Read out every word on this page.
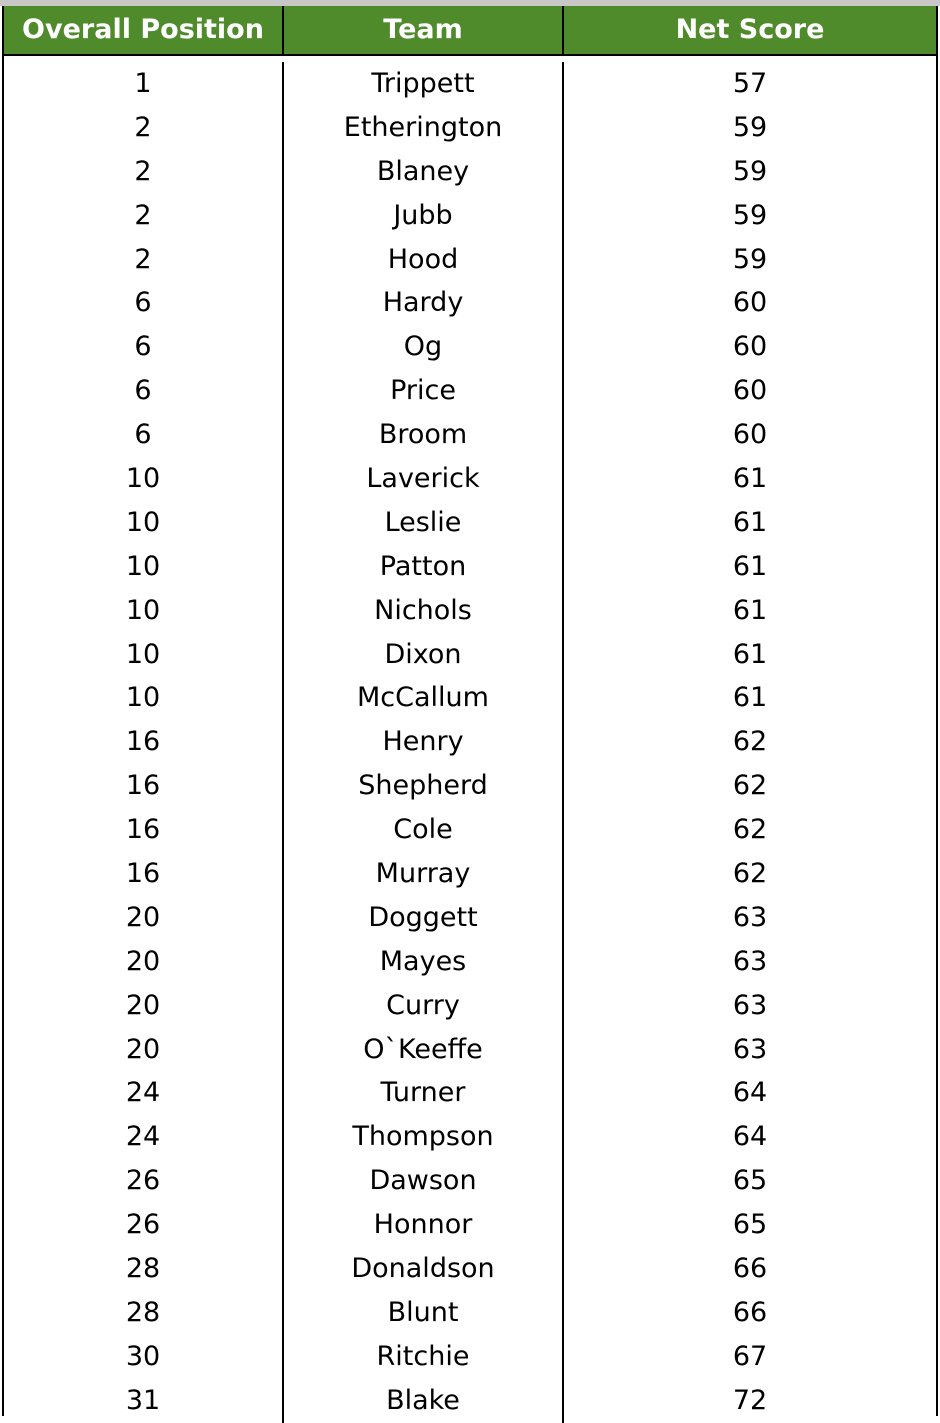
Overall Position	Team	Net Score
1	Trippett	57
2	Etherington	59
2	Blaney	59
2	Jubb	59
2	Hood	59
6	Hardy	60
6	Og	60
6	Price	60
6	Broom	60
10	Laverick	61
10	Leslie	61
10	Patton	61
10	Nichols	61
10	Dixon	61
10	McCallum	61
16	Henry	62
16	Shepherd	62
16	Cole	62
16	Murray	62
20	Doggett	63
20	Mayes	63
20	Curry	63
20	O`Keeffe	63
24	Turner	64
24	Thompson	64
26	Dawson	65
26	Honnor	65
28	Donaldson	66
28	Blunt	66
30	Ritchie	67
31	Blake	72
